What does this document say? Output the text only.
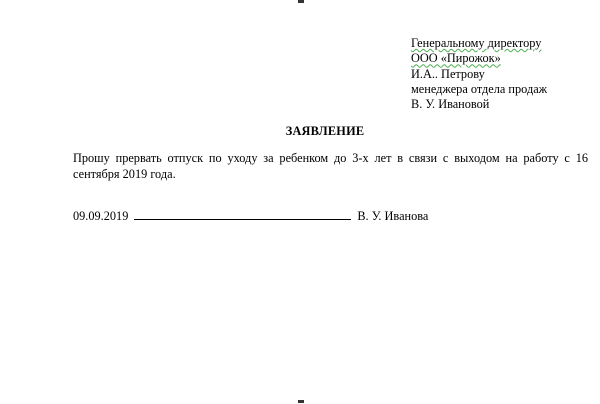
Генеральному директору
ООО «Пирожок»
И.А.. Петрову
менеджера отдела продаж
В. У. Ивановой
ЗАЯВЛЕНИЕ
Прошу прервать отпуск по уходу за ребенком до 3-х лет в связи с выходом на работу с 16 сентября 2019 года.
09.09.2019	В. У. Иванова
